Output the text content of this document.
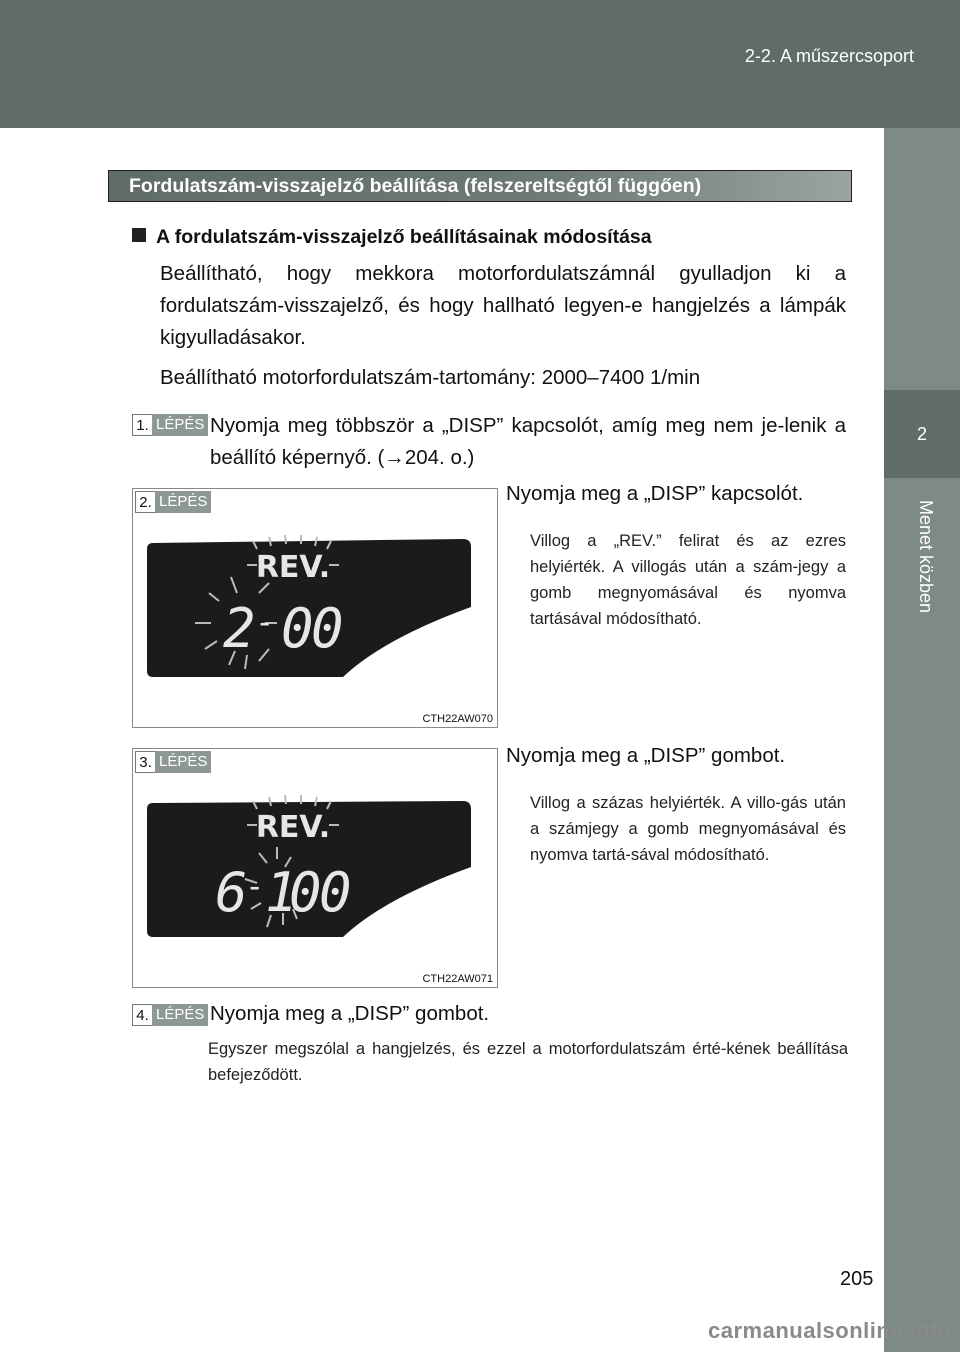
2-2. A műszercsoport
2
Menet közben
Fordulatszám-visszajelző beállítása (felszereltségtől függően)
A fordulatszám-visszajelző beállításainak módosítása
Beállítható, hogy mekkora motorfordulatszámnál gyulladjon ki a fordulatszám-visszajelző, és hogy hallható legyen-e hangjelzés a lámpák kigyulladásakor.
Beállítható motorfordulatszám-tartomány: 2000–7400 1/min
1. LÉPÉS Nyomja meg többször a „DISP” kapcsolót, amíg meg nem je-lenik a beállító képernyő. (→204. o.)
2. LÉPÉS
REV.
2 - 0
0
CTH22AW070
Nyomja meg a „DISP” kapcsolót.
Villog a „REV.” felirat és az ezres helyiérték. A villogás után a szám-jegy a gomb megnyomásával és nyomva tartásával módosítható.
3. LÉPÉS
REV.
6
- 1
0
0
CTH22AW071
Nyomja meg a „DISP” gombot.
Villog a százas helyiérték. A villo-gás után a számjegy a gomb megnyomásával és nyomva tartá-sával módosítható.
4. LÉPÉS Nyomja meg a „DISP” gombot.
Egyszer megszólal a hangjelzés, és ezzel a motorfordulatszám érté-kének beállítása befejeződött.
205
carmanualsonline.info
